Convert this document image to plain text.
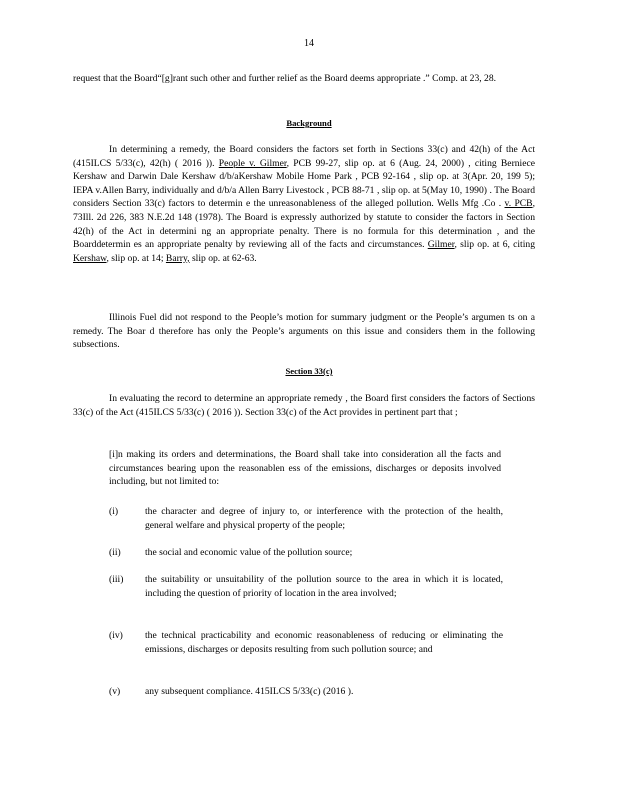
14

request that the Board“[g]rant such other and further relief as the Board deems appropriate .” Comp. at 23, 28.

Background

In determining a remedy, the Board considers the factors set forth in Sections 33(c) and 42(h) of the Act (415ILCS 5/33(c), 42(h) ( 2016 )). People v. Gilmer, PCB 99-27, slip op. at 6 (Aug. 24, 2000) , citing Berniece Kershaw and Darwin Dale Kershaw d/b/aKershaw Mobile Home Park , PCB 92-164 , slip op. at 3(Apr. 20, 199 5); IEPA v.Allen Barry, individually and d/b/a Allen Barry Livestock , PCB 88-71 , slip op. at 5(May 10, 1990) . The Board considers Section 33(c) factors to determin e the unreasonableness of the alleged pollution. Wells Mfg .Co . v. PCB, 73Ill. 2d 226, 383 N.E.2d 148 (1978). The Board is expressly authorized by statute to consider the factors in Section 42(h) of the Act in determini ng an appropriate penalty. There is no formula for this determination , and the Boarddetermin es an appropriate penalty by reviewing all of the facts and circumstances. Gilmer, slip op. at 6, citing Kershaw, slip op. at 14; Barry, slip op. at 62-63.

Illinois Fuel did not respond to the People’s motion for summary judgment or the People’s argumen ts on a remedy. The Boar d therefore has only the People’s arguments on this issue and considers them in the following subsections.

Section 33(c)

In evaluating the record to determine an appropriate remedy , the Board first considers the factors of Sections 33(c) of the Act (415ILCS 5/33(c) ( 2016 )). Section 33(c) of the Act provides in pertinent part that ;

[i]n making its orders and determinations, the Board shall take into consideration all the facts and circumstances bearing upon the reasonablen ess of the emissions, discharges or deposits involved including, but not limited to:

(i)	the character and degree of injury to, or interference with the protection of the health, general welfare and physical property of the people;
(ii)	the social and economic value of the pollution source;
(iii) the suitability or unsuitability of the pollution source to the area in which it is located, including the question of priority of location in the area involved;
(iv) the technical practicability and economic reasonableness of reducing or eliminating the emissions, discharges or deposits resulting from such pollution source; and
(v)	any subsequent compliance. 415ILCS 5/33(c) (2016 ).
